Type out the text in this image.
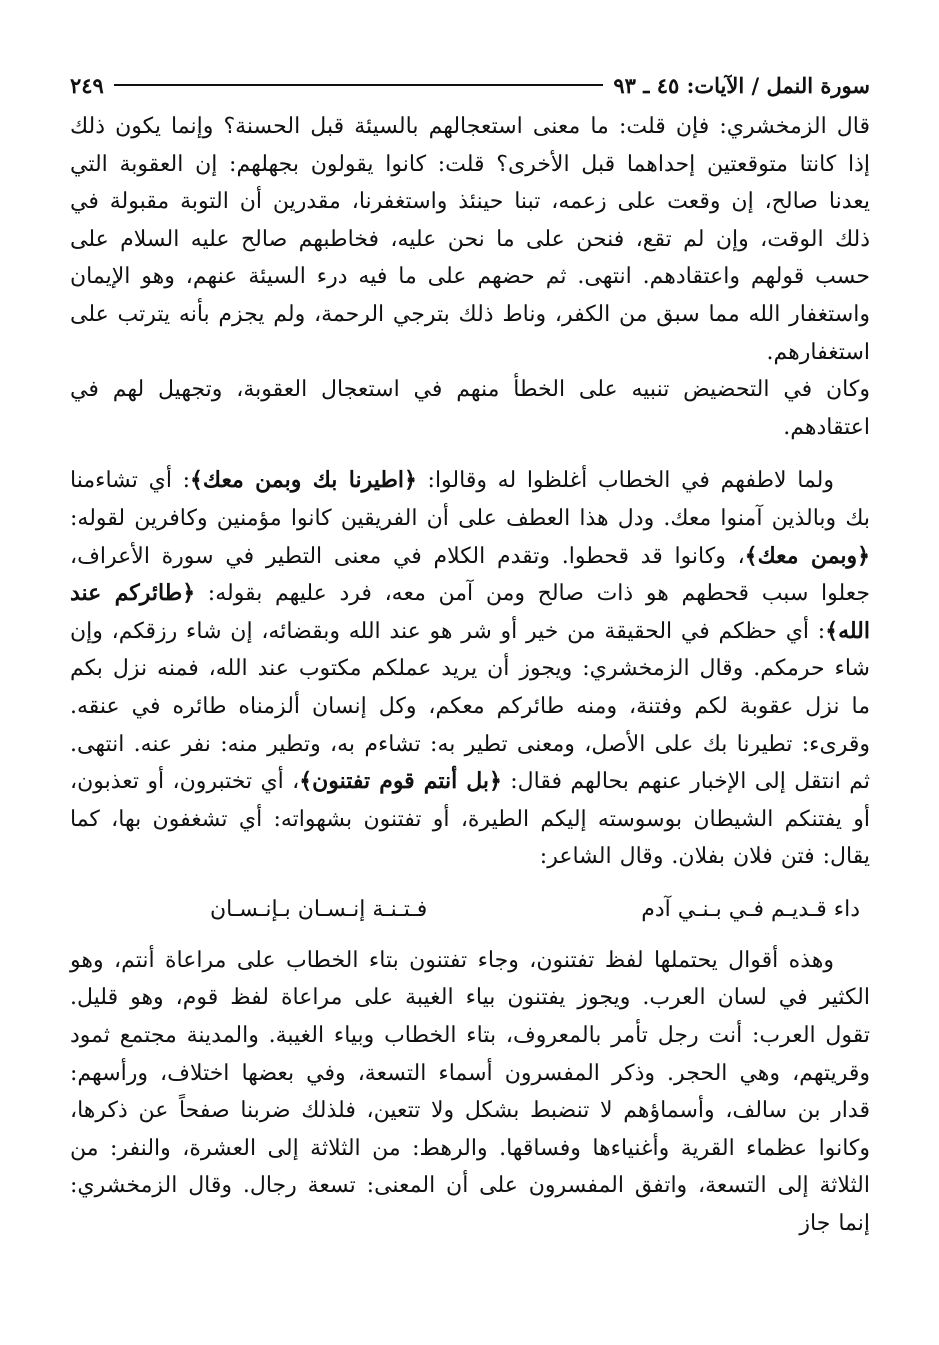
سورة النمل / الآيات: ٤٥ ـ ٩٣
٢٤٩

قال الزمخشري: فإن قلت: ما معنى استعجالهم بالسيئة قبل الحسنة؟ وإنما يكون ذلك إذا كانتا متوقعتين إحداهما قبل الأخرى؟ قلت: كانوا يقولون بجهلهم: إن العقوبة التي يعدنا صالح، إن وقعت على زعمه، تبنا حينئذ واستغفرنا، مقدرين أن التوبة مقبولة في ذلك الوقت، وإن لم تقع، فنحن على ما نحن عليه، فخاطبهم صالح عليه السلام على حسب قولهم واعتقادهم. انتهى. ثم حضهم على ما فيه درء السيئة عنهم، وهو الإيمان واستغفار الله مما سبق من الكفر، وناط ذلك بترجي الرحمة، ولم يجزم بأنه يترتب على استغفارهم.

وكان في التحضيض تنبيه على الخطأ منهم في استعجال العقوبة، وتجهيل لهم في اعتقادهم.

ولما لاطفهم في الخطاب أغلظوا له وقالوا: ﴿اطيرنا بك وبمن معك﴾: أي تشاءمنا بك وبالذين آمنوا معك. ودل هذا العطف على أن الفريقين كانوا مؤمنين وكافرين لقوله: ﴿وبمن معك﴾، وكانوا قد قحطوا. وتقدم الكلام في معنى التطير في سورة الأعراف، جعلوا سبب قحطهم هو ذات صالح ومن آمن معه، فرد عليهم بقوله: ﴿طائركم عند الله﴾: أي حظكم في الحقيقة من خير أو شر هو عند الله وبقضائه، إن شاء رزقكم، وإن شاء حرمكم. وقال الزمخشري: ويجوز أن يريد عملكم مكتوب عند الله، فمنه نزل بكم ما نزل عقوبة لكم وفتنة، ومنه طائركم معكم، وكل إنسان ألزمناه طائره في عنقه. وقرىء: تطيرنا بك على الأصل، ومعنى تطير به: تشاءم به، وتطير منه: نفر عنه. انتهى. ثم انتقل إلى الإخبار عنهم بحالهم فقال: ﴿بل أنتم قوم تفتنون﴾، أي تختبرون، أو تعذبون، أو يفتنكم الشيطان بوسوسته إليكم الطيرة، أو تفتنون بشهواته: أي تشغفون بها، كما يقال: فتن فلان بفلان. وقال الشاعر:

داء قـديـم فـي بـنـي آدم
فـتـنـة إنـسـان بـإنـسـان

وهذه أقوال يحتملها لفظ تفتنون، وجاء تفتنون بتاء الخطاب على مراعاة أنتم، وهو الكثير في لسان العرب. ويجوز يفتنون بياء الغيبة على مراعاة لفظ قوم، وهو قليل. تقول العرب: أنت رجل تأمر بالمعروف، بتاء الخطاب وبياء الغيبة. والمدينة مجتمع ثمود وقريتهم، وهي الحجر. وذكر المفسرون أسماء التسعة، وفي بعضها اختلاف، ورأسهم: قدار بن سالف، وأسماؤهم لا تنضبط بشكل ولا تتعين، فلذلك ضربنا صفحاً عن ذكرها، وكانوا عظماء القرية وأغنياءها وفساقها. والرهط: من الثلاثة إلى العشرة، والنفر: من الثلاثة إلى التسعة، واتفق المفسرون على أن المعنى: تسعة رجال. وقال الزمخشري: إنما جاز
